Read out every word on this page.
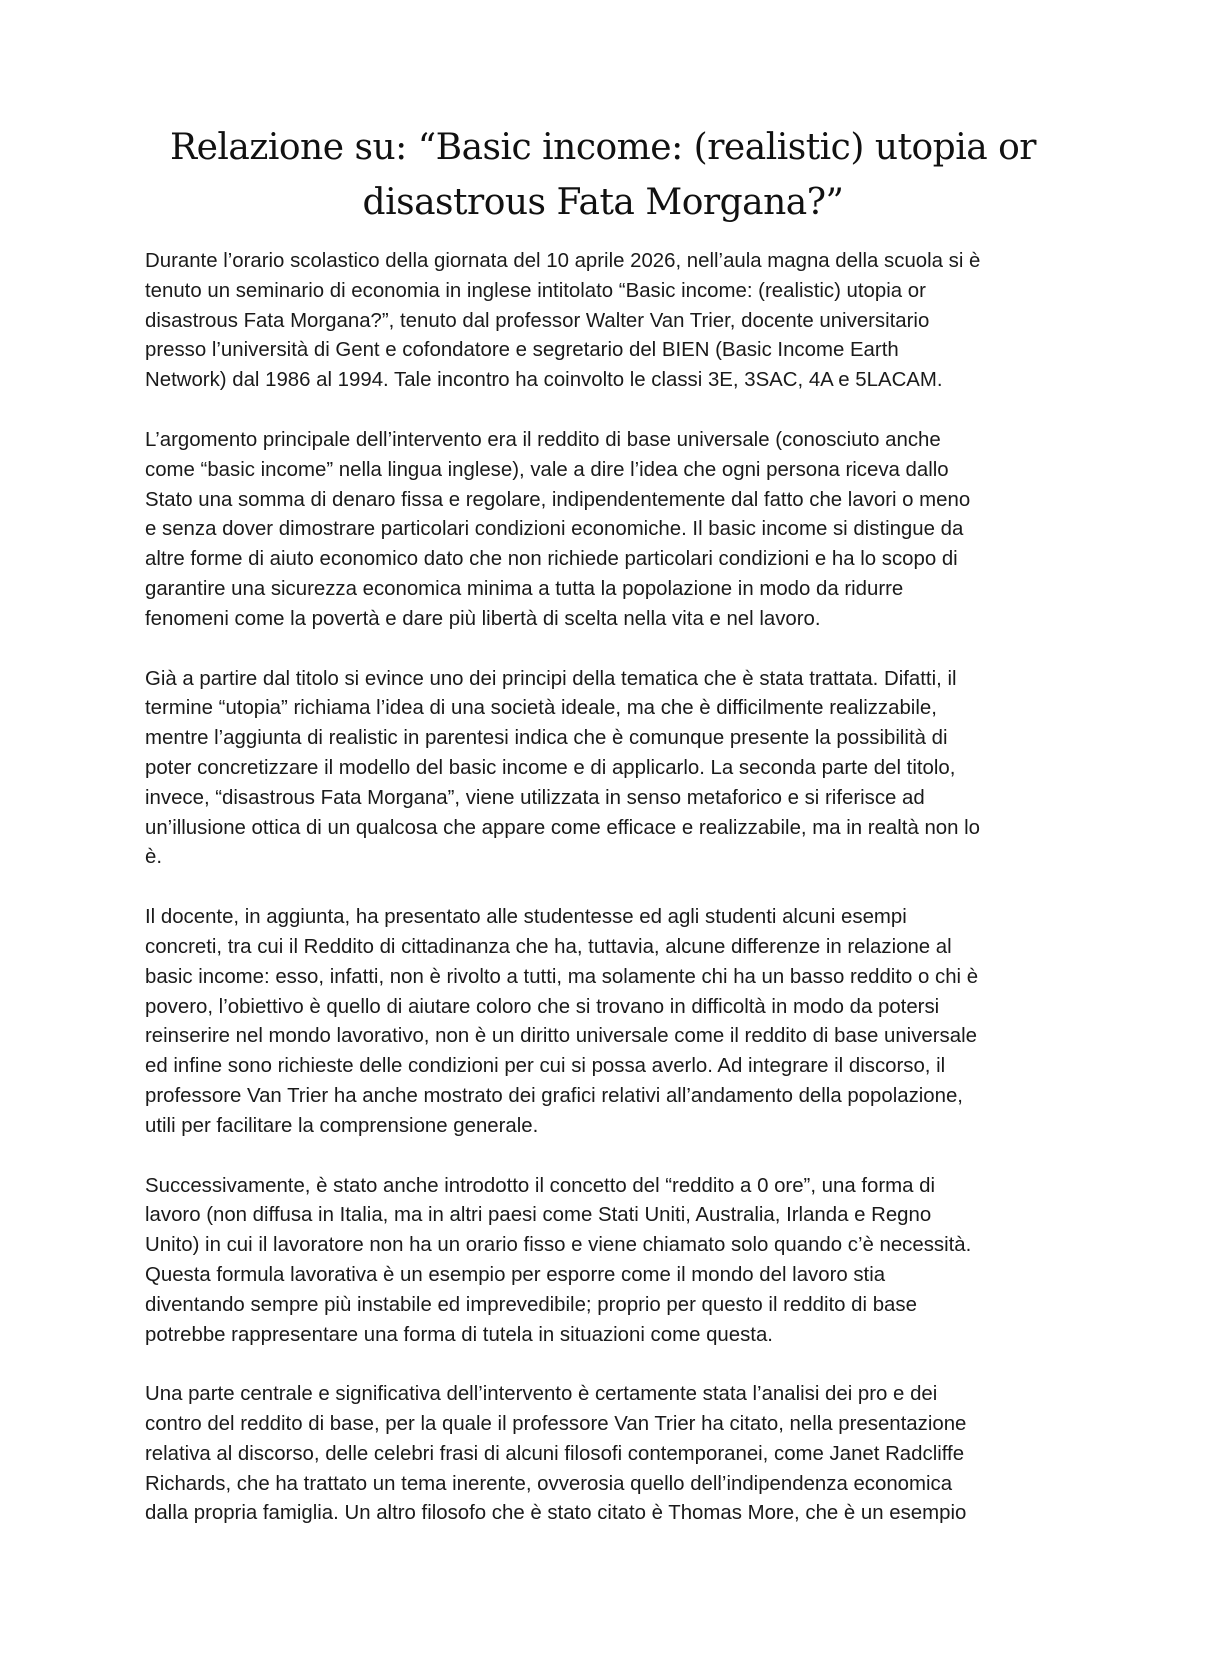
Relazione su: “Basic income: (realistic) utopia or
disastrous Fata Morgana?”

Durante l’orario scolastico della giornata del 10 aprile 2026, nell’aula magna della scuola si è
tenuto un seminario di economia in inglese intitolato “Basic income: (realistic) utopia or
disastrous Fata Morgana?”, tenuto dal professor Walter Van Trier, docente universitario
presso l’università di Gent e cofondatore e segretario del BIEN (Basic Income Earth
Network) dal 1986 al 1994. Tale incontro ha coinvolto le classi 3E, 3SAC, 4A e 5LACAM.

L’argomento principale dell’intervento era il reddito di base universale (conosciuto anche
come “basic income” nella lingua inglese), vale a dire l’idea che ogni persona riceva dallo
Stato una somma di denaro fissa e regolare, indipendentemente dal fatto che lavori o meno
e senza dover dimostrare particolari condizioni economiche. Il basic income si distingue da
altre forme di aiuto economico dato che non richiede particolari condizioni e ha lo scopo di
garantire una sicurezza economica minima a tutta la popolazione in modo da ridurre
fenomeni come la povertà e dare più libertà di scelta nella vita e nel lavoro.

Già a partire dal titolo si evince uno dei principi della tematica che è stata trattata. Difatti, il
termine “utopia” richiama l’idea di una società ideale, ma che è difficilmente realizzabile,
mentre l’aggiunta di realistic in parentesi indica che è comunque presente la possibilità di
poter concretizzare il modello del basic income e di applicarlo. La seconda parte del titolo,
invece, “disastrous Fata Morgana”, viene utilizzata in senso metaforico e si riferisce ad
un’illusione ottica di un qualcosa che appare come efficace e realizzabile, ma in realtà non lo
è.

Il docente, in aggiunta, ha presentato alle studentesse ed agli studenti alcuni esempi
concreti, tra cui il Reddito di cittadinanza che ha, tuttavia, alcune differenze in relazione al
basic income: esso, infatti, non è rivolto a tutti, ma solamente chi ha un basso reddito o chi è
povero, l’obiettivo è quello di aiutare coloro che si trovano in difficoltà in modo da potersi
reinserire nel mondo lavorativo, non è un diritto universale come il reddito di base universale
ed infine sono richieste delle condizioni per cui si possa averlo. Ad integrare il discorso, il
professore Van Trier ha anche mostrato dei grafici relativi all’andamento della popolazione,
utili per facilitare la comprensione generale.

Successivamente, è stato anche introdotto il concetto del “reddito a 0 ore”, una forma di
lavoro (non diffusa in Italia, ma in altri paesi come Stati Uniti, Australia, Irlanda e Regno
Unito) in cui il lavoratore non ha un orario fisso e viene chiamato solo quando c’è necessità.
Questa formula lavorativa è un esempio per esporre come il mondo del lavoro stia
diventando sempre più instabile ed imprevedibile; proprio per questo il reddito di base
potrebbe rappresentare una forma di tutela in situazioni come questa.

Una parte centrale e significativa dell’intervento è certamente stata l’analisi dei pro e dei
contro del reddito di base, per la quale il professore Van Trier ha citato, nella presentazione
relativa al discorso, delle celebri frasi di alcuni filosofi contemporanei, come Janet Radcliffe
Richards, che ha trattato un tema inerente, ovverosia quello dell’indipendenza economica
dalla propria famiglia. Un altro filosofo che è stato citato è Thomas More, che è un esempio
